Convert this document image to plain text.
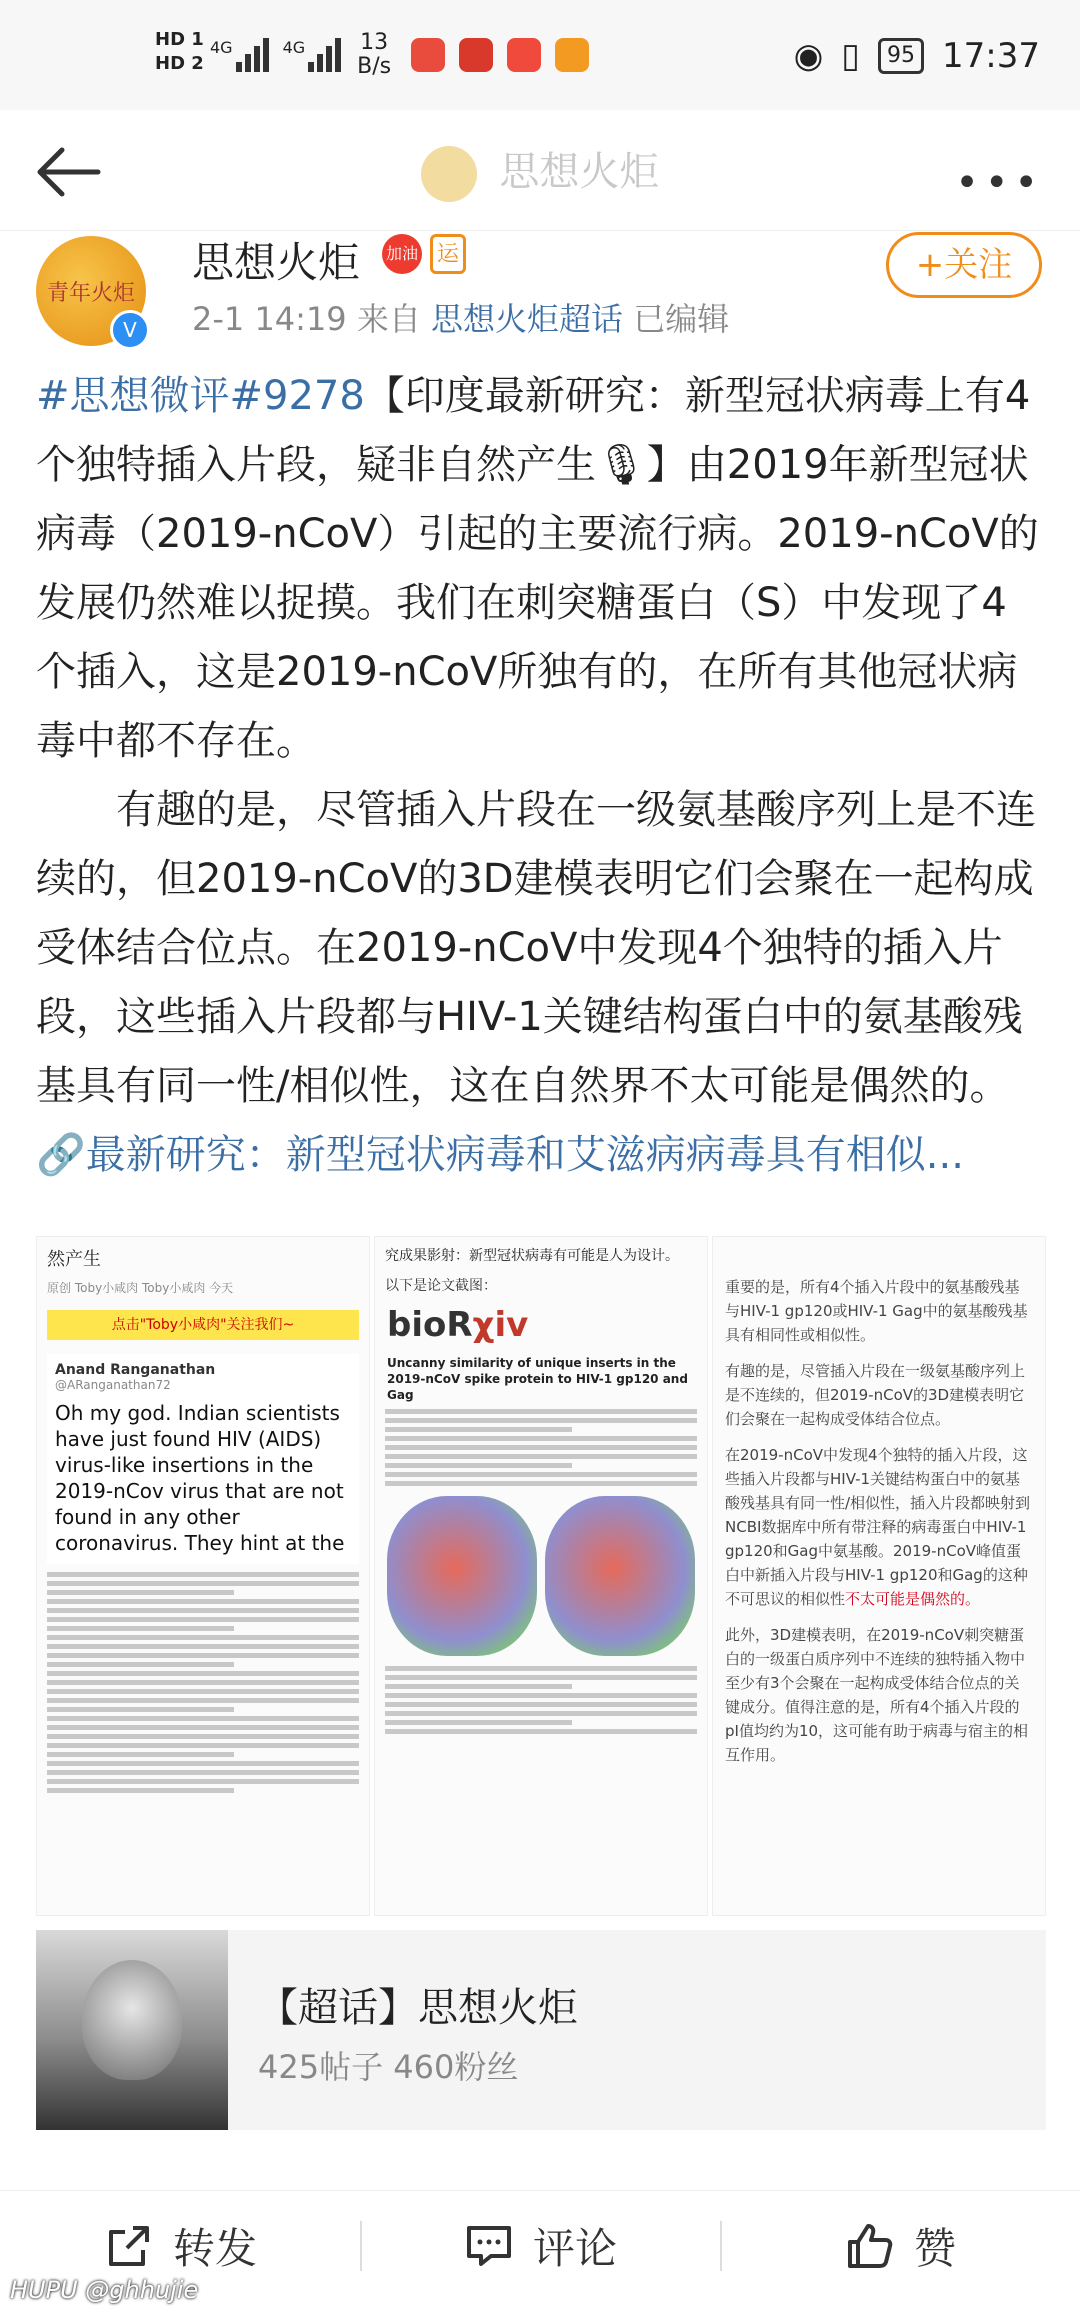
HD 1
HD 2
4G	4G 13
B/s	◉ ▯	95 17:37
思想火炬	•••
青年火炬
V
思想火炬 加油 运
2-1 14:19 来自 思想火炬超话 已编辑
+关注

#思想微评#9278【印度最新研究：新型冠状病毒上有4个独特插入片段，疑非自然产生🎙】由2019年新型冠状病毒（2019-nCoV）引起的主要流行病。2019-nCoV的发展仍然难以捉摸。我们在刺突糖蛋白（S）中发现了4个插入，这是2019-nCoV所独有的，在所有其他冠状病毒中都不存在。

有趣的是，尽管插入片段在一级氨基酸序列上是不连续的，但2019-nCoV的3D建模表明它们会聚在一起构成受体结合位点。在2019-nCoV中发现4个独特的插入片段，这些插入片段都与HIV-1关键结构蛋白中的氨基酸残基具有同一性/相似性，这在自然界不太可能是偶然的。🔗最新研究：新型冠状病毒和艾滋病病毒具有相似...

然产生
原创 Toby小咸肉 Toby小咸肉 今天
点击"Toby小咸肉"关注我们~
Anand Ranganathan
@ARanganathan72
Oh my god. Indian scientists have just found HIV (AIDS) virus-like insertions in the 2019-nCov virus that are not found in any other coronavirus. They hint at the
究成果影射：新型冠状病毒有可能是人为设计。
以下是论文截图：
bioRχiv
Uncanny similarity of unique inserts in the 2019-nCoV spike protein to HIV-1 gp120 and Gag

重要的是，所有4个插入片段中的氨基酸残基与HIV-1 gp120或HIV-1 Gag中的氨基酸残基具有相同性或相似性。

有趣的是，尽管插入片段在一级氨基酸序列上是不连续的，但2019-nCoV的3D建模表明它们会聚在一起构成受体结合位点。

在2019-nCoV中发现4个独特的插入片段，这些插入片段都与HIV-1关键结构蛋白中的氨基酸残基具有同一性/相似性，插入片段都映射到NCBI数据库中所有带注释的病毒蛋白中HIV-1 gp120和Gag中氨基酸。2019-nCoV峰值蛋白中新插入片段与HIV-1 gp120和Gag的这种不可思议的相似性不太可能是偶然的。

此外，3D建模表明，在2019-nCoV刺突糖蛋白的一级蛋白质序列中不连续的独特插入物中至少有3个会聚在一起构成受体结合位点的关键成分。值得注意的是，所有4个插入片段的pI值均约为10，这可能有助于病毒与宿主的相互作用。

【超话】思想火炬
425帖子 460粉丝
转发	评论	赞
HUPU @ghhujie
